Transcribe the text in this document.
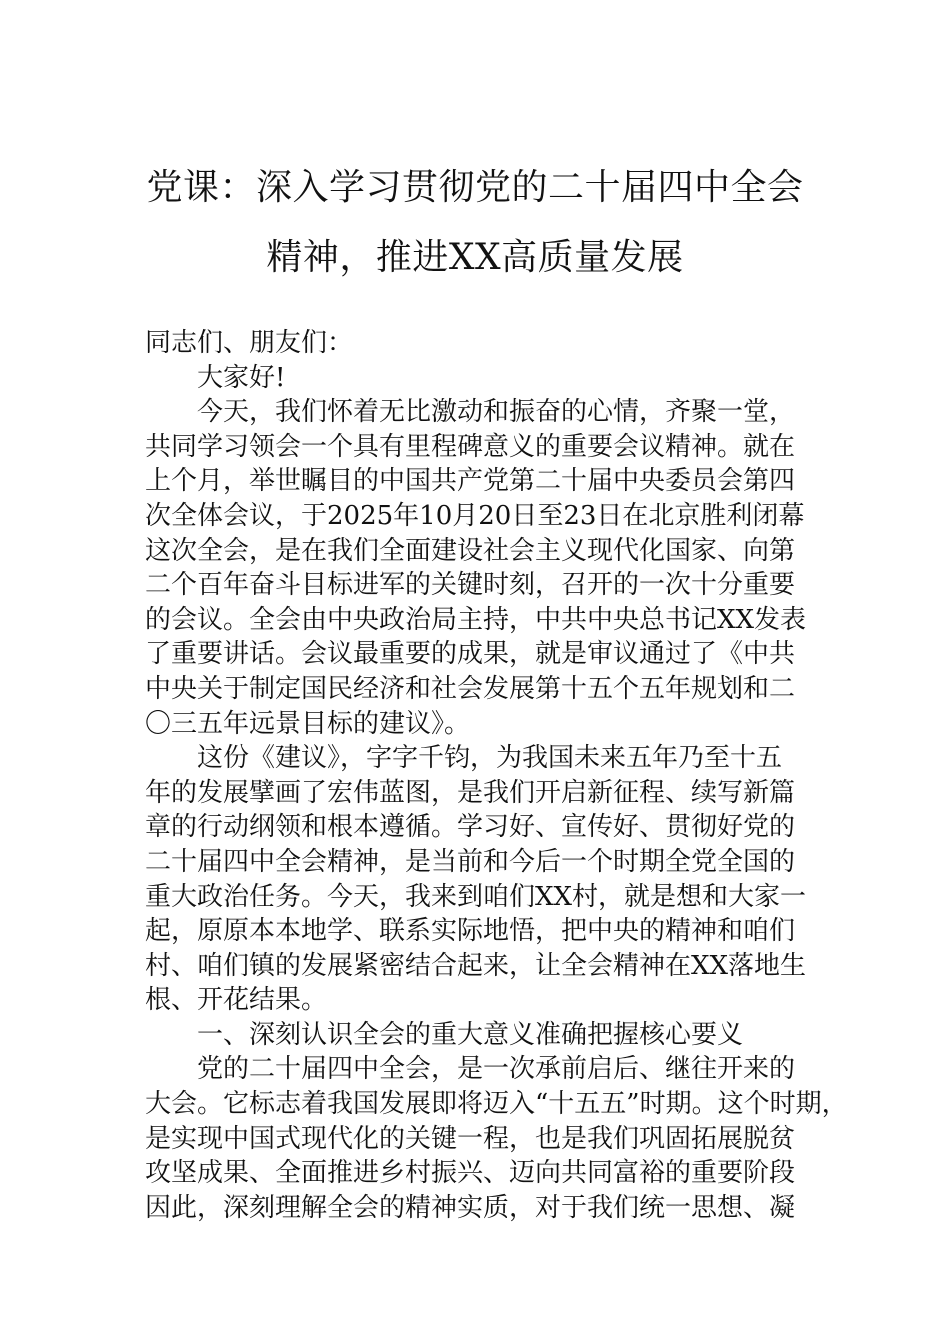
党课：深入学习贯彻党的二十届四中全会
精神，推进XX高质量发展
同志们、朋友们：
大家好!
今天，我们怀着无比激动和振奋的心情，齐聚一堂，
共同学习领会一个具有里程碑意义的重要会议精神。就在
上个月，举世瞩目的中国共产党第二十届中央委员会第四
次全体会议，于2025年10月20日至23日在北京胜利闭幕
这次全会，是在我们全面建设社会主义现代化国家、向第
二个百年奋斗目标进军的关键时刻，召开的一次十分重要
的会议。全会由中央政治局主持，中共中央总书记XX发表
了重要讲话。会议最重要的成果，就是审议通过了《中共
中央关于制定国民经济和社会发展第十五个五年规划和二
〇三五年远景目标的建议》。
这份《建议》，字字千钧，为我国未来五年乃至十五
年的发展擘画了宏伟蓝图，是我们开启新征程、续写新篇
章的行动纲领和根本遵循。学习好、宣传好、贯彻好党的
二十届四中全会精神，是当前和今后一个时期全党全国的
重大政治任务。今天，我来到咱们XX村，就是想和大家一
起，原原本本地学、联系实际地悟，把中央的精神和咱们
村、咱们镇的发展紧密结合起来，让全会精神在XX落地生
根、开花结果。
一、深刻认识全会的重大意义准确把握核心要义
党的二十届四中全会，是一次承前启后、继往开来的
大会。它标志着我国发展即将迈入“十五五”时期。这个时期，
是实现中国式现代化的关键一程，也是我们巩固拓展脱贫
攻坚成果、全面推进乡村振兴、迈向共同富裕的重要阶段
因此，深刻理解全会的精神实质，对于我们统一思想、凝
